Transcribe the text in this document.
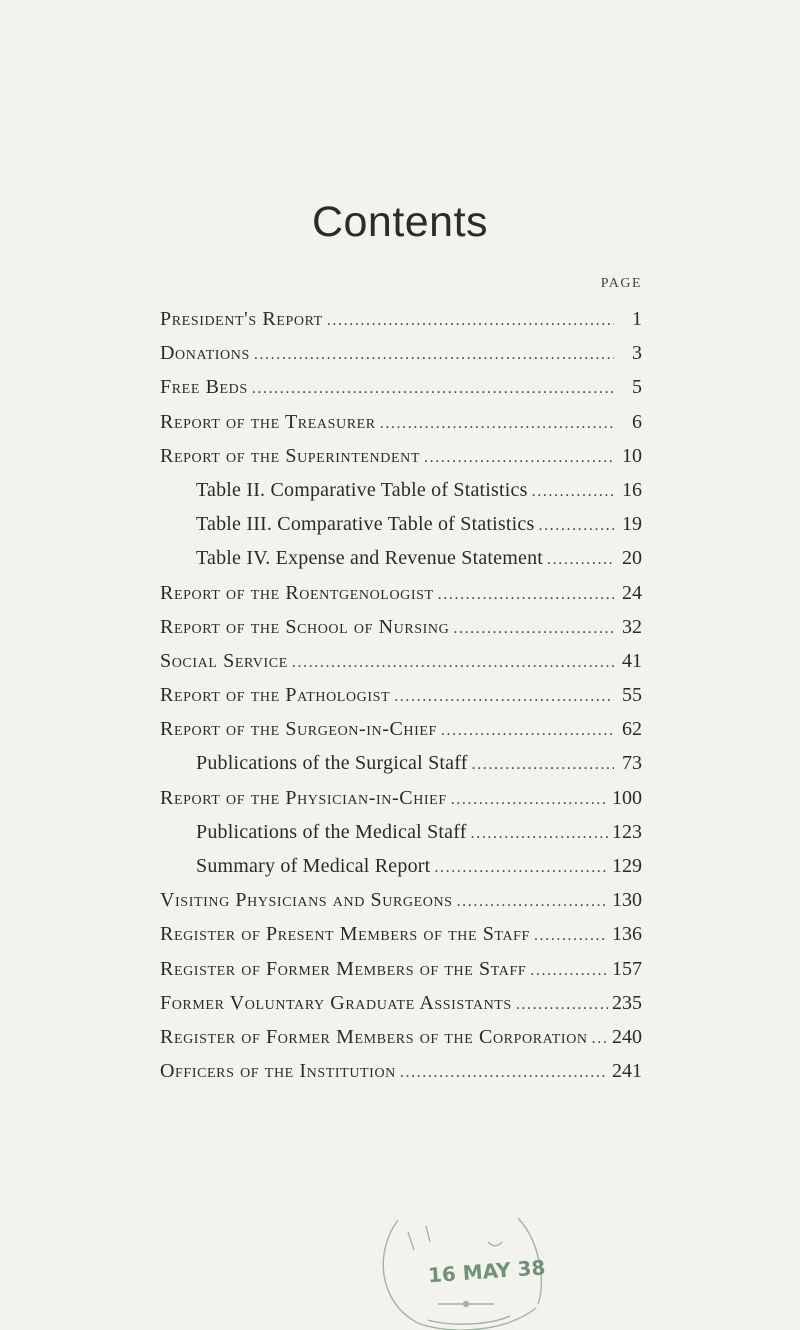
Contents
PAGE
President's Report . . .	1
Donations . . .	3
Free Beds . . .	5
Report of the Treasurer . . .	6
Report of the Superintendent . . .	10
Table II. Comparative Table of Statistics . . .	16
Table III. Comparative Table of Statistics . . .	19
Table IV. Expense and Revenue Statement . . .	20
Report of the Roentgenologist . . .	24
Report of the School of Nursing . . .	32
Social Service . . .	41
Report of the Pathologist . . .	55
Report of the Surgeon-in-Chief . . .	62
Publications of the Surgical Staff . . .	73
Report of the Physician-in-Chief . . .	100
Publications of the Medical Staff . . .	123
Summary of Medical Report . . .	129
Visiting Physicians and Surgeons . . .	130
Register of Present Members of the Staff . . .	136
Register of Former Members of the Staff . . .	157
Former Voluntary Graduate Assistants . . .	235
Register of Former Members of the Corporation . . . 240
Officers of the Institution . . .	241
16 MAY 38
